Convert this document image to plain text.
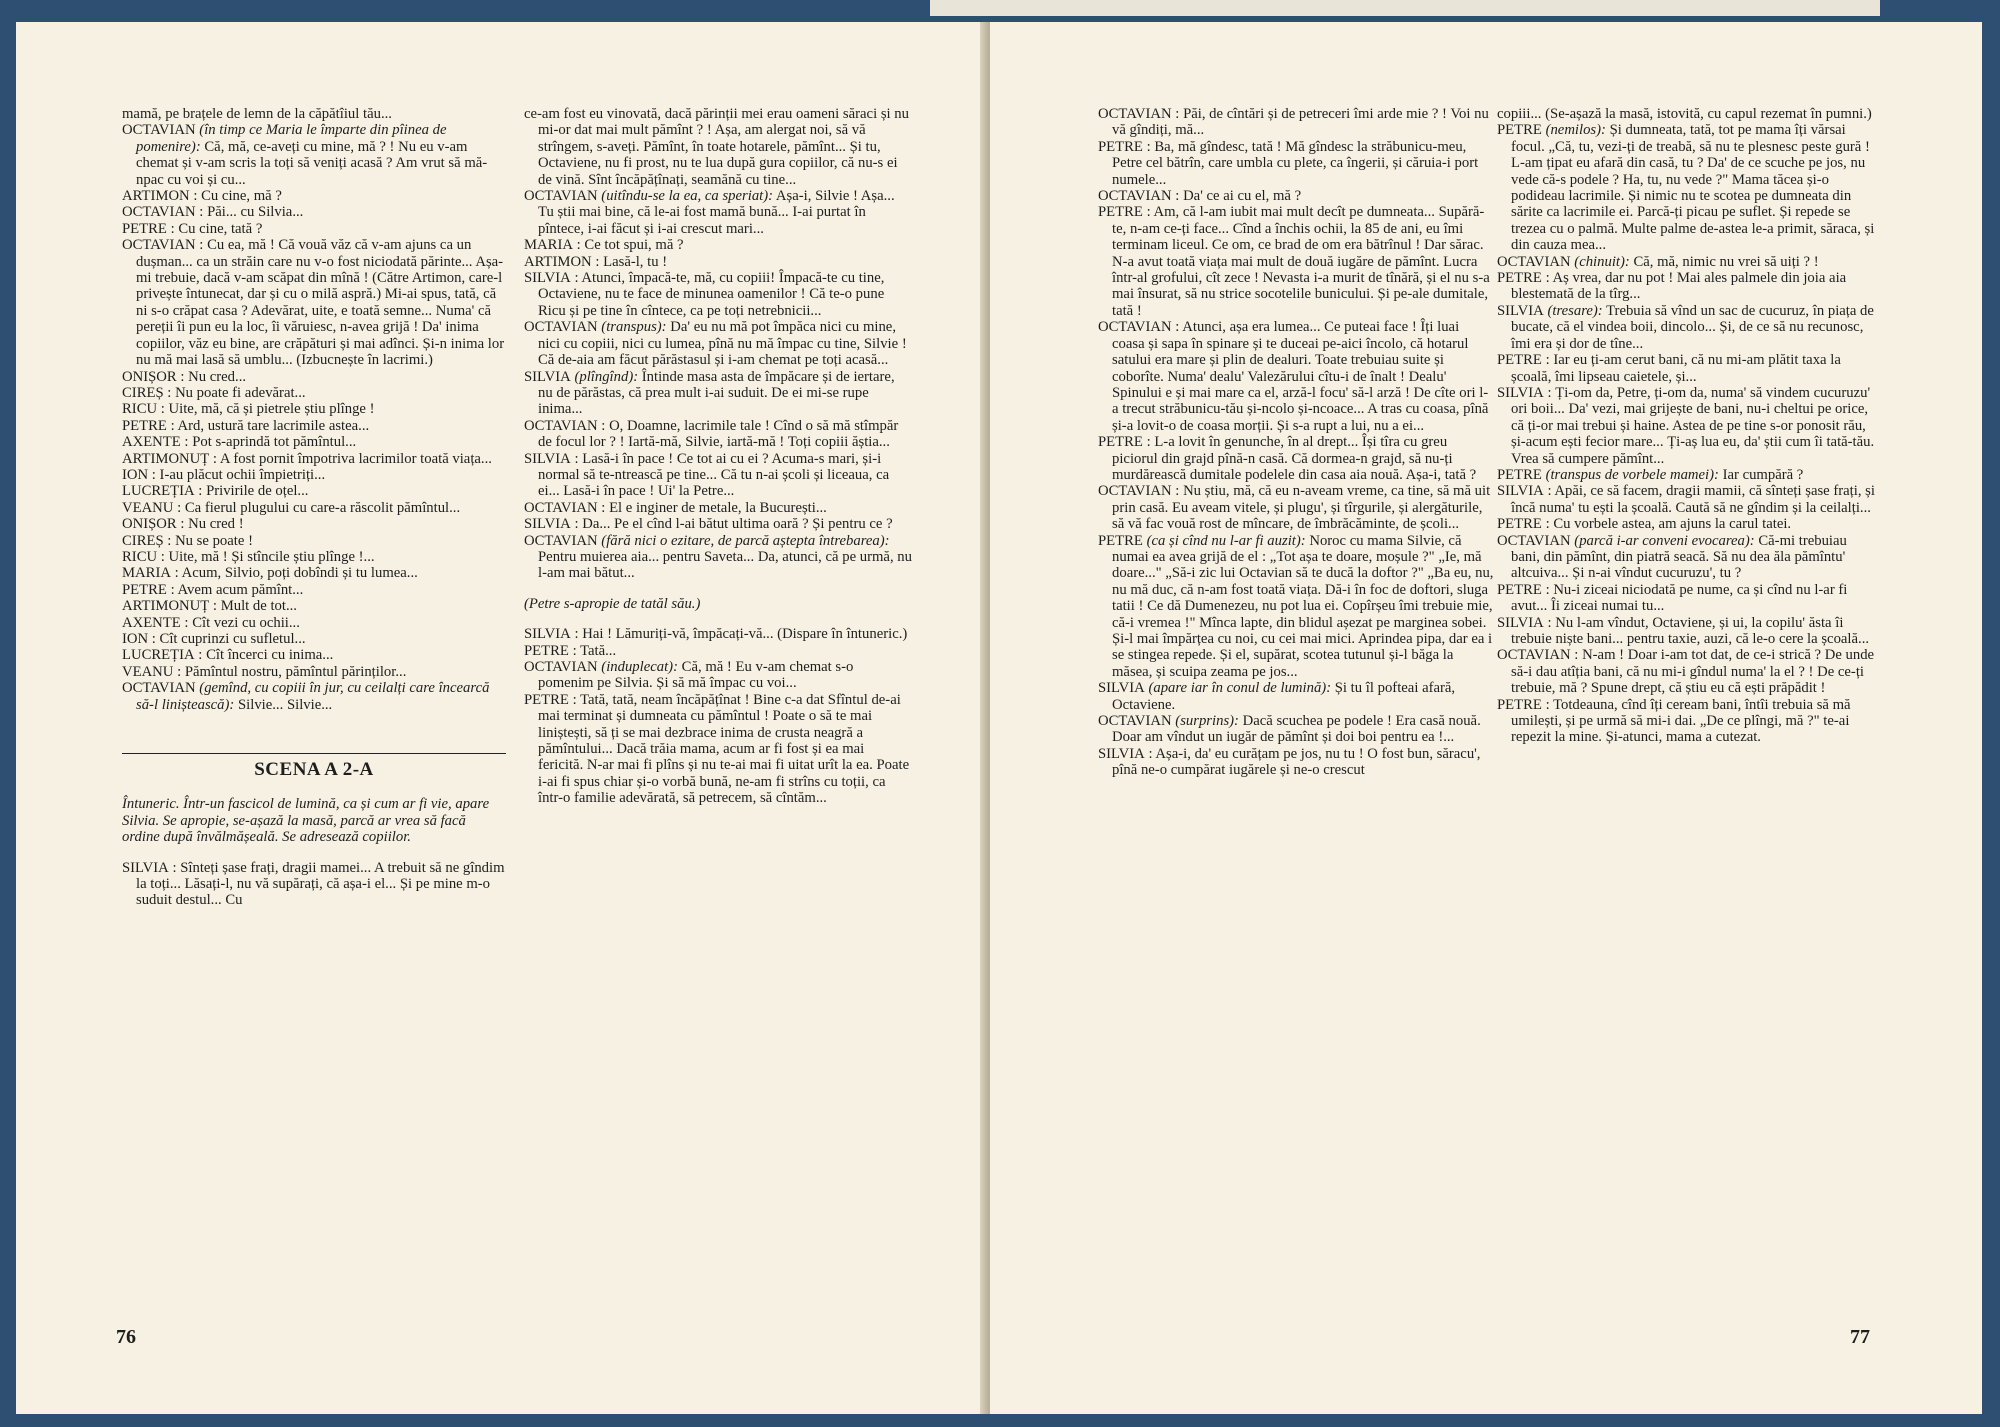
mamă, pe brațele de lemn de la căpătîiul tău...

OCTAVIAN (în timp ce Maria le împarte din pîinea de pomenire): Că, mă, ce-aveți cu mine, mă ? ! Nu eu v-am chemat și v-am scris la toți să veniți acasă ? Am vrut să mă-npac cu voi și cu...

ARTIMON : Cu cine, mă ?

OCTAVIAN : Păi... cu Silvia...

PETRE : Cu cine, tată ?

OCTAVIAN : Cu ea, mă ! Că vouă văz că v-am ajuns ca un dușman... ca un străin care nu v-o fost niciodată părinte... Așa-mi trebuie, dacă v-am scăpat din mînă ! (Către Artimon, care-l privește întunecat, dar și cu o milă aspră.) Mi-ai spus, tată, că ni s-o crăpat casa ? Adevărat, uite, e toată semne... Numa' că pereții îi pun eu la loc, îi văruiesc, n-avea grijă ! Da' inima copiilor, văz eu bine, are crăpături și mai adînci. Și-n inima lor nu mă mai lasă să umblu... (Izbucnește în lacrimi.)

ONIȘOR : Nu cred...

CIREȘ : Nu poate fi adevărat...

RICU : Uite, mă, că și pietrele știu plînge !

PETRE : Ard, ustură tare lacrimile astea...

AXENTE : Pot s-aprindă tot pămîntul...

ARTIMONUȚ : A fost pornit împotriva lacrimilor toată viața...

ION : I-au plăcut ochii împietriți...

LUCREȚIA : Privirile de oțel...

VEANU : Ca fierul plugului cu care-a răscolit pămîntul...

ONIȘOR : Nu cred !

CIREȘ : Nu se poate !

RICU : Uite, mă ! Și stîncile știu plînge !...

MARIA : Acum, Silvio, poți dobîndi și tu lumea...

PETRE : Avem acum pămînt...

ARTIMONUȚ : Mult de tot...

AXENTE : Cît vezi cu ochii...

ION : Cît cuprinzi cu sufletul...

LUCREȚIA : Cît încerci cu inima...

VEANU : Pămîntul nostru, pămîntul părinților...

OCTAVIAN (gemînd, cu copiii în jur, cu ceilalți care încearcă să-l liniștească): Silvie... Silvie...

SCENA A 2-A

Întuneric. Într-un fascicol de lumină, ca și cum ar fi vie, apare Silvia. Se apropie, se-așază la masă, parcă ar vrea să facă ordine după învălmășeală. Se adresează copiilor.

SILVIA : Sînteți șase frați, dragii mamei... A trebuit să ne gîndim la toți... Lăsați-l, nu vă supărați, că așa-i el... Și pe mine m-o suduit destul... Cu

ce-am fost eu vinovată, dacă părinții mei erau oameni săraci și nu mi-or dat mai mult pămînt ? ! Așa, am alergat noi, să vă strîngem, s-aveți. Pămînt, în toate hotarele, pămînt... Și tu, Octaviene, nu fi prost, nu te lua după gura copiilor, că nu-s ei de vină. Sînt încăpățînați, seamănă cu tine...

OCTAVIAN (uitîndu-se la ea, ca speriat): Așa-i, Silvie ! Așa... Tu știi mai bine, că le-ai fost mamă bună... I-ai purtat în pîntece, i-ai făcut și i-ai crescut mari...

MARIA : Ce tot spui, mă ?

ARTIMON : Lasă-l, tu !

SILVIA : Atunci, împacă-te, mă, cu copiii! Împacă-te cu tine, Octaviene, nu te face de minunea oamenilor ! Că te-o pune Ricu și pe tine în cîntece, ca pe toți netrebnicii...

OCTAVIAN (transpus): Da' eu nu mă pot împăca nici cu mine, nici cu copiii, nici cu lumea, pînă nu mă împac cu tine, Silvie ! Că de-aia am făcut părăstasul și i-am chemat pe toți acasă...

SILVIA (plîngînd): Întinde masa asta de împăcare și de iertare, nu de părăstas, că prea mult i-ai suduit. De ei mi-se rupe inima...

OCTAVIAN : O, Doamne, lacrimile tale ! Cînd o să mă stîmpăr de focul lor ? ! Iartă-mă, Silvie, iartă-mă ! Toți copiii ăștia...

SILVIA : Lasă-i în pace ! Ce tot ai cu ei ? Acuma-s mari, și-i normal să te-ntrească pe tine... Că tu n-ai școli și liceaua, ca ei... Lasă-i în pace ! Ui' la Petre...

OCTAVIAN : El e inginer de metale, la București...

SILVIA : Da... Pe el cînd l-ai bătut ultima oară ? Și pentru ce ?

OCTAVIAN (fără nici o ezitare, de parcă aștepta întrebarea): Pentru muierea aia... pentru Saveta... Da, atunci, că pe urmă, nu l-am mai bătut...

(Petre s-apropie de tatăl său.)

SILVIA : Hai ! Lămuriți-vă, împăcați-vă... (Dispare în întuneric.)

PETRE : Tată...

OCTAVIAN (induplecat): Că, mă ! Eu v-am chemat s-o pomenim pe Silvia. Și să mă împac cu voi...

PETRE : Tată, tată, neam încăpățînat ! Bine c-a dat Sfîntul de-ai mai terminat și dumneata cu pămîntul ! Poate o să te mai liniștești, să ți se mai dezbrace inima de crusta neagră a pămîntului... Dacă trăia mama, acum ar fi fost și ea mai fericită. N-ar mai fi plîns și nu te-ai mai fi uitat urît la ea. Poate i-ai fi spus chiar și-o vorbă bună, ne-am fi strîns cu toții, ca într-o familie adevărată, să petrecem, să cîntăm...

76

OCTAVIAN : Păi, de cîntări și de petreceri îmi arde mie ? ! Voi nu vă gîndiți, mă...

PETRE : Ba, mă gîndesc, tată ! Mă gîndesc la străbunicu-meu, Petre cel bătrîn, care umbla cu plete, ca îngerii, și căruia-i port numele...

OCTAVIAN : Da' ce ai cu el, mă ?

PETRE : Am, că l-am iubit mai mult decît pe dumneata... Supără-te, n-am ce-ți face... Cînd a închis ochii, la 85 de ani, eu îmi terminam liceul. Ce om, ce brad de om era bătrînul ! Dar sărac. N-a avut toată viața mai mult de două iugăre de pămînt. Lucra într-al grofului, cît zece ! Nevasta i-a murit de tînără, și el nu s-a mai însurat, să nu strice socotelile bunicului. Și pe-ale dumitale, tată !

OCTAVIAN : Atunci, așa era lumea... Ce puteai face ! Îți luai coasa și sapa în spinare și te duceai pe-aici încolo, că hotarul satului era mare și plin de dealuri. Toate trebuiau suite și coborîte. Numa' dealu' Valezărului cîtu-i de înalt ! Dealu' Spinului e și mai mare ca el, arză-l focu' să-l arză ! De cîte ori l-a trecut străbunicu-tău și-ncolo și-ncoace... A tras cu coasa, pînă și-a lovit-o de coasa morții. Și s-a rupt a lui, nu a ei...

PETRE : L-a lovit în genunche, în al drept... Își tîra cu greu piciorul din grajd pînă-n casă. Că dormea-n grajd, să nu-ți murdărească dumitale podelele din casa aia nouă. Așa-i, tată ?

OCTAVIAN : Nu știu, mă, că eu n-aveam vreme, ca tine, să mă uit prin casă. Eu aveam vitele, și plugu', și tîrgurile, și alergăturile, să vă fac vouă rost de mîncare, de îmbrăcăminte, de școli...

PETRE (ca și cînd nu l-ar fi auzit): Noroc cu mama Silvie, că numai ea avea grijă de el : „Tot așa te doare, moșule ?" „Ie, mă doare..." „Să-i zic lui Octavian să te ducă la doftor ?" „Ba eu, nu, nu mă duc, că n-am fost toată viața. Dă-i în foc de doftori, sluga tatii ! Ce dă Dumenezeu, nu pot lua ei. Copîrșeu îmi trebuie mie, că-i vremea !" Mînca lapte, din blidul așezat pe marginea sobei. Și-l mai împărțea cu noi, cu cei mai mici. Aprindea pipa, dar ea i se stingea repede. Și el, supărat, scotea tutunul și-l băga la măsea, și scuipa zeama pe jos...

SILVIA (apare iar în conul de lumină): Și tu îl pofteai afară, Octaviene.

OCTAVIAN (surprins): Dacă scuchea pe podele ! Era casă nouă. Doar am vîndut un iugăr de pămînt și doi boi pentru ea !...

SILVIA : Așa-i, da' eu curățam pe jos, nu tu ! O fost bun, săracu', pînă ne-o cumpărat iugărele și ne-o crescut

copiii... (Se-așază la masă, istovită, cu capul rezemat în pumni.)

PETRE (nemilos): Și dumneata, tată, tot pe mama îți vărsai focul. „Că, tu, vezi-ți de treabă, să nu te plesnesc peste gură ! L-am țipat eu afară din casă, tu ? Da' de ce scuche pe jos, nu vede că-s podele ? Ha, tu, nu vede ?" Mama tăcea și-o podideau lacrimile. Și nimic nu te scotea pe dumneata din sărite ca lacrimile ei. Parcă-ți picau pe suflet. Și repede se trezea cu o palmă. Multe palme de-astea le-a primit, săraca, și din cauza mea...

OCTAVIAN (chinuit): Că, mă, nimic nu vrei să uiți ? !

PETRE : Aș vrea, dar nu pot ! Mai ales palmele din joia aia blestemată de la tîrg...

SILVIA (tresare): Trebuia să vînd un sac de cucuruz, în piața de bucate, că el vindea boii, dincolo... Și, de ce să nu recunosc, îmi era și dor de tîne...

PETRE : Iar eu ți-am cerut bani, că nu mi-am plătit taxa la școală, îmi lipseau caietele, și...

SILVIA : Ți-om da, Petre, ți-om da, numa' să vindem cucuruzu' ori boii... Da' vezi, mai grijește de bani, nu-i cheltui pe orice, că ți-or mai trebui și haine. Astea de pe tine s-or ponosit rău, și-acum ești fecior mare... Ți-aș lua eu, da' știi cum îi tată-tău. Vrea să cumpere pămînt...

PETRE (transpus de vorbele mamei): Iar cumpără ?

SILVIA : Apăi, ce să facem, dragii mamii, că sînteți șase frați, și încă numa' tu ești la școală. Caută să ne gîndim și la ceilalți...

PETRE : Cu vorbele astea, am ajuns la carul tatei.

OCTAVIAN (parcă i-ar conveni evocarea): Că-mi trebuiau bani, din pămînt, din piatră seacă. Să nu dea ăla pămîntu' altcuiva... Și n-ai vîndut cucuruzu', tu ?

PETRE : Nu-i ziceai niciodată pe nume, ca și cînd nu l-ar fi avut... Îi ziceai numai tu...

SILVIA : Nu l-am vîndut, Octaviene, și ui, la copilu' ăsta îi trebuie niște bani... pentru taxie, auzi, că le-o cere la școală...

OCTAVIAN : N-am ! Doar i-am tot dat, de ce-i strică ? De unde să-i dau atîția bani, că nu mi-i gîndul numa' la el ? ! De ce-ți trebuie, mă ? Spune drept, că știu eu că ești prăpădit !

PETRE : Totdeauna, cînd îți ceream bani, întîi trebuia să mă umilești, și pe urmă să mi-i dai. „De ce plîngi, mă ?" te-ai repezit la mine. Și-atunci, mama a cutezat.

77
